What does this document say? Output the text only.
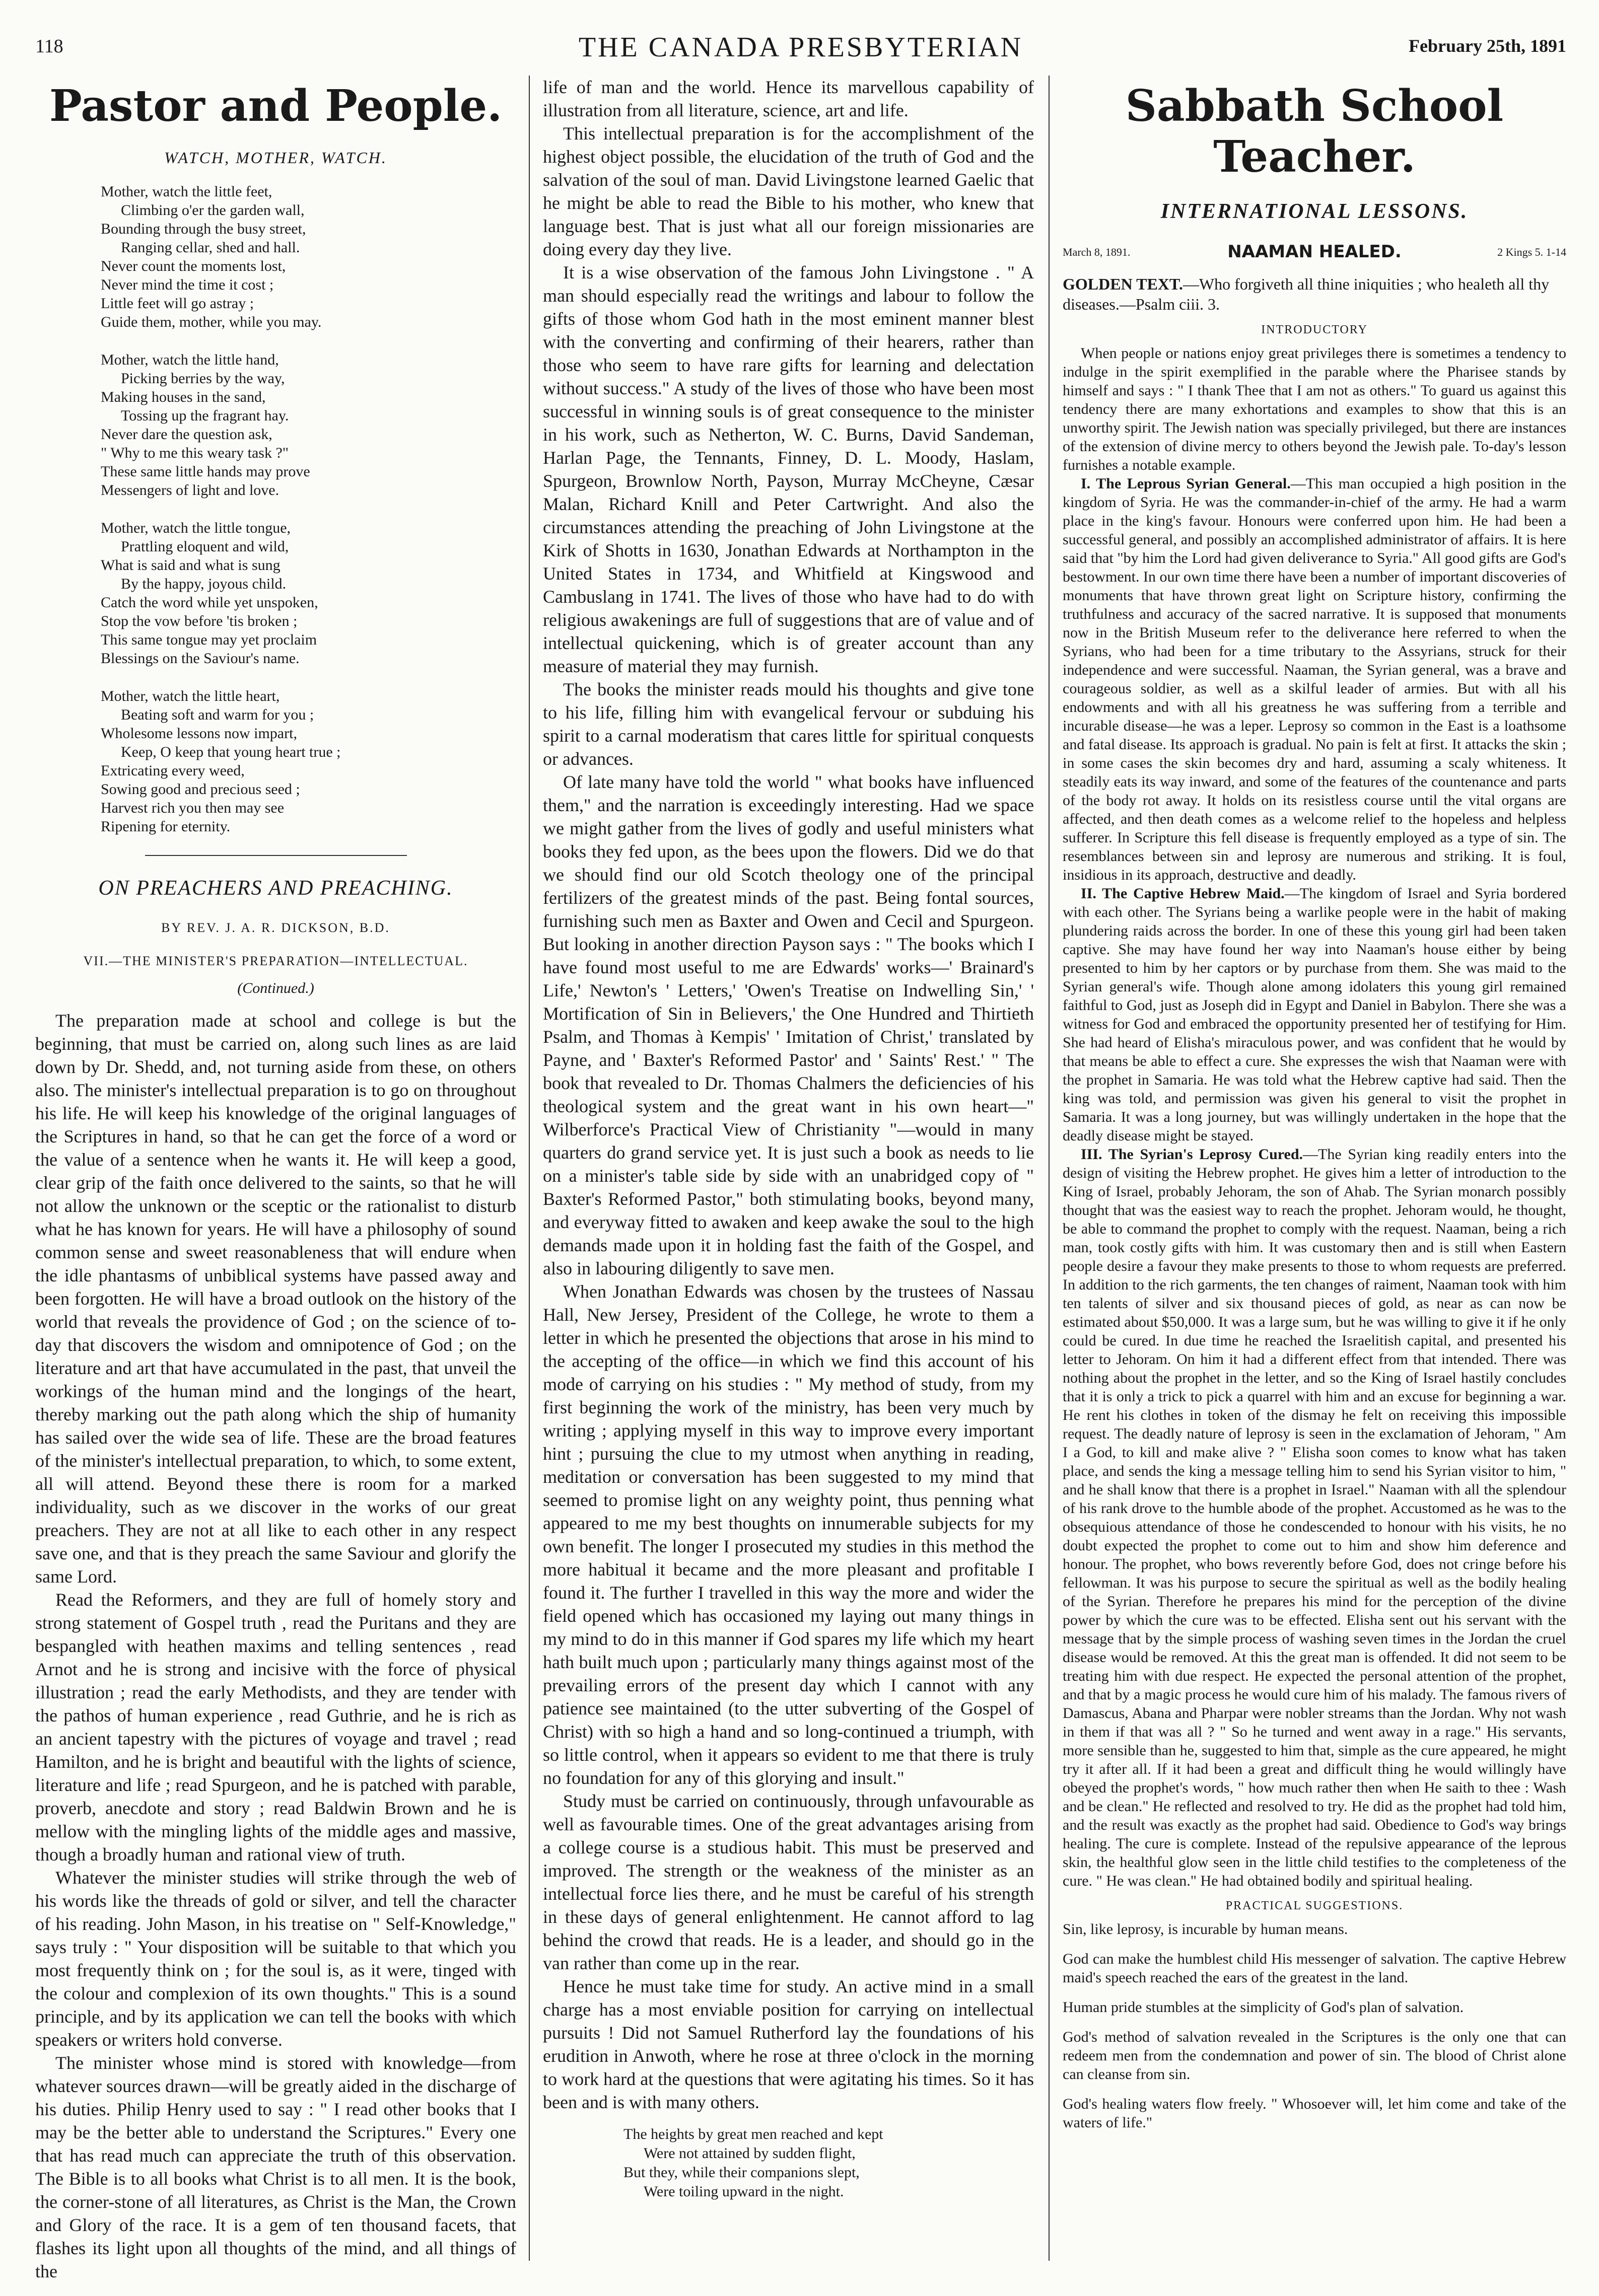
118	THE CANADA PRESBYTERIAN	February 25th, 1891
Pastor and People.
WATCH, MOTHER, WATCH.
Mother, watch the little feet,
Climbing o'er the garden wall,
Bounding through the busy street,
Ranging cellar, shed and hall.
Never count the moments lost,
Never mind the time it cost ;
Little feet will go astray ;
Guide them, mother, while you may.
Mother, watch the little hand,
Picking berries by the way,
Making houses in the sand,
Tossing up the fragrant hay.
Never dare the question ask,
" Why to me this weary task ?"
These same little hands may prove
Messengers of light and love.
Mother, watch the little tongue,
Prattling eloquent and wild,
What is said and what is sung
By the happy, joyous child.
Catch the word while yet unspoken,
Stop the vow before 'tis broken ;
This same tongue may yet proclaim
Blessings on the Saviour's name.
Mother, watch the little heart,
Beating soft and warm for you ;
Wholesome lessons now impart,
Keep, O keep that young heart true ;
Extricating every weed,
Sowing good and precious seed ;
Harvest rich you then may see
Ripening for eternity.
ON PREACHERS AND PREACHING.
BY REV. J. A. R. DICKSON, B.D.
VII.—THE MINISTER'S PREPARATION—INTELLECTUAL.
(Continued.)

The preparation made at school and college is but the beginning, that must be carried on, along such lines as are laid down by Dr. Shedd, and, not turning aside from these, on others also. The minister's intellectual preparation is to go on throughout his life. He will keep his knowledge of the original languages of the Scriptures in hand, so that he can get the force of a word or the value of a sentence when he wants it. He will keep a good, clear grip of the faith once delivered to the saints, so that he will not allow the unknown or the sceptic or the rationalist to disturb what he has known for years. He will have a philosophy of sound common sense and sweet reasonableness that will endure when the idle phantasms of unbiblical systems have passed away and been forgotten. He will have a broad outlook on the history of the world that reveals the providence of God ; on the science of to-day that discovers the wisdom and omnipotence of God ; on the literature and art that have accumulated in the past, that unveil the workings of the human mind and the longings of the heart, thereby marking out the path along which the ship of humanity has sailed over the wide sea of life. These are the broad features of the minister's intellectual preparation, to which, to some extent, all will attend. Beyond these there is room for a marked individuality, such as we discover in the works of our great preachers. They are not at all like to each other in any respect save one, and that is they preach the same Saviour and glorify the same Lord.

Read the Reformers, and they are full of homely story and strong statement of Gospel truth , read the Puritans and they are bespangled with heathen maxims and telling sentences , read Arnot and he is strong and incisive with the force of physical illustration ; read the early Methodists, and they are tender with the pathos of human experience , read Guthrie, and he is rich as an ancient tapestry with the pictures of voyage and travel ; read Hamilton, and he is bright and beautiful with the lights of science, literature and life ; read Spurgeon, and he is patched with parable, proverb, anecdote and story ; read Baldwin Brown and he is mellow with the mingling lights of the middle ages and massive, though a broadly human and rational view of truth.

Whatever the minister studies will strike through the web of his words like the threads of gold or silver, and tell the character of his reading. John Mason, in his treatise on " Self-Knowledge," says truly : " Your disposition will be suitable to that which you most frequently think on ; for the soul is, as it were, tinged with the colour and complexion of its own thoughts." This is a sound principle, and by its application we can tell the books with which speakers or writers hold converse.

The minister whose mind is stored with knowledge—from whatever sources drawn—will be greatly aided in the discharge of his duties. Philip Henry used to say : " I read other books that I may be the better able to understand the Scriptures." Every one that has read much can appreciate the truth of this observation. The Bible is to all books what Christ is to all men. It is the book, the corner-stone of all literatures, as Christ is the Man, the Crown and Glory of the race. It is a gem of ten thousand facets, that flashes its light upon all thoughts of the mind, and all things of the

life of man and the world. Hence its marvellous capability of illustration from all literature, science, art and life.

This intellectual preparation is for the accomplishment of the highest object possible, the elucidation of the truth of God and the salvation of the soul of man. David Livingstone learned Gaelic that he might be able to read the Bible to his mother, who knew that language best. That is just what all our foreign missionaries are doing every day they live.

It is a wise observation of the famous John Livingstone . " A man should especially read the writings and labour to follow the gifts of those whom God hath in the most eminent manner blest with the converting and confirming of their hearers, rather than those who seem to have rare gifts for learning and delectation without success." A study of the lives of those who have been most successful in winning souls is of great consequence to the minister in his work, such as Netherton, W. C. Burns, David Sandeman, Harlan Page, the Tennants, Finney, D. L. Moody, Haslam, Spurgeon, Brownlow North, Payson, Murray McCheyne, Cæsar Malan, Richard Knill and Peter Cartwright. And also the circumstances attending the preaching of John Livingstone at the Kirk of Shotts in 1630, Jonathan Edwards at Northampton in the United States in 1734, and Whitfield at Kingswood and Cambuslang in 1741. The lives of those who have had to do with religious awakenings are full of suggestions that are of value and of intellectual quickening, which is of greater account than any measure of material they may furnish.

The books the minister reads mould his thoughts and give tone to his life, filling him with evangelical fervour or subduing his spirit to a carnal moderatism that cares little for spiritual conquests or advances.

Of late many have told the world " what books have influenced them," and the narration is exceedingly interesting. Had we space we might gather from the lives of godly and useful ministers what books they fed upon, as the bees upon the flowers. Did we do that we should find our old Scotch theology one of the principal fertilizers of the greatest minds of the past. Being fontal sources, furnishing such men as Baxter and Owen and Cecil and Spurgeon. But looking in another direction Payson says : " The books which I have found most useful to me are Edwards' works—' Brainard's Life,' Newton's ' Letters,' 'Owen's Treatise on Indwelling Sin,' ' Mortification of Sin in Believers,' the One Hundred and Thirtieth Psalm, and Thomas à Kempis' ' Imitation of Christ,' translated by Payne, and ' Baxter's Reformed Pastor' and ' Saints' Rest.' " The book that revealed to Dr. Thomas Chalmers the deficiencies of his theological system and the great want in his own heart—" Wilberforce's Practical View of Christianity "—would in many quarters do grand service yet. It is just such a book as needs to lie on a minister's table side by side with an unabridged copy of " Baxter's Reformed Pastor," both stimulating books, beyond many, and everyway fitted to awaken and keep awake the soul to the high demands made upon it in holding fast the faith of the Gospel, and also in labouring diligently to save men.

When Jonathan Edwards was chosen by the trustees of Nassau Hall, New Jersey, President of the College, he wrote to them a letter in which he presented the objections that arose in his mind to the accepting of the office—in which we find this account of his mode of carrying on his studies : " My method of study, from my first beginning the work of the ministry, has been very much by writing ; applying myself in this way to improve every important hint ; pursuing the clue to my utmost when anything in reading, meditation or conversation has been suggested to my mind that seemed to promise light on any weighty point, thus penning what appeared to me my best thoughts on innumerable subjects for my own benefit. The longer I prosecuted my studies in this method the more habitual it became and the more pleasant and profitable I found it. The further I travelled in this way the more and wider the field opened which has occasioned my laying out many things in my mind to do in this manner if God spares my life which my heart hath built much upon ; particularly many things against most of the prevailing errors of the present day which I cannot with any patience see maintained (to the utter subverting of the Gospel of Christ) with so high a hand and so long-continued a triumph, with so little control, when it appears so evident to me that there is truly no foundation for any of this glorying and insult."

Study must be carried on continuously, through unfavourable as well as favourable times. One of the great advantages arising from a college course is a studious habit. This must be preserved and improved. The strength or the weakness of the minister as an intellectual force lies there, and he must be careful of his strength in these days of general enlightenment. He cannot afford to lag behind the crowd that reads. He is a leader, and should go in the van rather than come up in the rear.

Hence he must take time for study. An active mind in a small charge has a most enviable position for carrying on intellectual pursuits ! Did not Samuel Rutherford lay the foundations of his erudition in Anwoth, where he rose at three o'clock in the morning to work hard at the questions that were agitating his times. So it has been and is with many others.

The heights by great men reached and kept
Were not attained by sudden flight,
But they, while their companions slept,
Were toiling upward in the night.
Sabbath School Teacher.
INTERNATIONAL LESSONS.
March 8, 1891.	NAAMAN HEALED.	2 Kings 5. 1-14
GOLDEN TEXT.—Who forgiveth all thine iniquities ; who healeth all thy diseases.—Psalm ciii. 3.
INTRODUCTORY

When people or nations enjoy great privileges there is sometimes a tendency to indulge in the spirit exemplified in the parable where the Pharisee stands by himself and says : " I thank Thee that I am not as others." To guard us against this tendency there are many exhortations and examples to show that this is an unworthy spirit. The Jewish nation was specially privileged, but there are instances of the extension of divine mercy to others beyond the Jewish pale. To-day's lesson furnishes a notable example.

I. The Leprous Syrian General.—This man occupied a high position in the kingdom of Syria. He was the commander-in-chief of the army. He had a warm place in the king's favour. Honours were conferred upon him. He had been a successful general, and possibly an accomplished administrator of affairs. It is here said that "by him the Lord had given deliverance to Syria." All good gifts are God's bestowment. In our own time there have been a number of important discoveries of monuments that have thrown great light on Scripture history, confirming the truthfulness and accuracy of the sacred narrative. It is supposed that monuments now in the British Museum refer to the deliverance here referred to when the Syrians, who had been for a time tributary to the Assyrians, struck for their independence and were successful. Naaman, the Syrian general, was a brave and courageous soldier, as well as a skilful leader of armies. But with all his endowments and with all his greatness he was suffering from a terrible and incurable disease—he was a leper. Leprosy so common in the East is a loathsome and fatal disease. Its approach is gradual. No pain is felt at first. It attacks the skin ; in some cases the skin becomes dry and hard, assuming a scaly whiteness. It steadily eats its way inward, and some of the features of the countenance and parts of the body rot away. It holds on its resistless course until the vital organs are affected, and then death comes as a welcome relief to the hopeless and helpless sufferer. In Scripture this fell disease is frequently employed as a type of sin. The resemblances between sin and leprosy are numerous and striking. It is foul, insidious in its approach, destructive and deadly.

II. The Captive Hebrew Maid.—The kingdom of Israel and Syria bordered with each other. The Syrians being a warlike people were in the habit of making plundering raids across the border. In one of these this young girl had been taken captive. She may have found her way into Naaman's house either by being presented to him by her captors or by purchase from them. She was maid to the Syrian general's wife. Though alone among idolaters this young girl remained faithful to God, just as Joseph did in Egypt and Daniel in Babylon. There she was a witness for God and embraced the opportunity presented her of testifying for Him. She had heard of Elisha's miraculous power, and was confident that he would by that means be able to effect a cure. She expresses the wish that Naaman were with the prophet in Samaria. He was told what the Hebrew captive had said. Then the king was told, and permission was given his general to visit the prophet in Samaria. It was a long journey, but was willingly undertaken in the hope that the deadly disease might be stayed.

III. The Syrian's Leprosy Cured.—The Syrian king readily enters into the design of visiting the Hebrew prophet. He gives him a letter of introduction to the King of Israel, probably Jehoram, the son of Ahab. The Syrian monarch possibly thought that was the easiest way to reach the prophet. Jehoram would, he thought, be able to command the prophet to comply with the request. Naaman, being a rich man, took costly gifts with him. It was customary then and is still when Eastern people desire a favour they make presents to those to whom requests are preferred. In addition to the rich garments, the ten changes of raiment, Naaman took with him ten talents of silver and six thousand pieces of gold, as near as can now be estimated about $50,000. It was a large sum, but he was willing to give it if he only could be cured. In due time he reached the Israelitish capital, and presented his letter to Jehoram. On him it had a different effect from that intended. There was nothing about the prophet in the letter, and so the King of Israel hastily concludes that it is only a trick to pick a quarrel with him and an excuse for beginning a war. He rent his clothes in token of the dismay he felt on receiving this impossible request. The deadly nature of leprosy is seen in the exclamation of Jehoram, " Am I a God, to kill and make alive ? " Elisha soon comes to know what has taken place, and sends the king a message telling him to send his Syrian visitor to him, " and he shall know that there is a prophet in Israel." Naaman with all the splendour of his rank drove to the humble abode of the prophet. Accustomed as he was to the obsequious attendance of those he condescended to honour with his visits, he no doubt expected the prophet to come out to him and show him deference and honour. The prophet, who bows reverently before God, does not cringe before his fellowman. It was his purpose to secure the spiritual as well as the bodily healing of the Syrian. Therefore he prepares his mind for the perception of the divine power by which the cure was to be effected. Elisha sent out his servant with the message that by the simple process of washing seven times in the Jordan the cruel disease would be removed. At this the great man is offended. It did not seem to be treating him with due respect. He expected the personal attention of the prophet, and that by a magic process he would cure him of his malady. The famous rivers of Damascus, Abana and Pharpar were nobler streams than the Jordan. Why not wash in them if that was all ? " So he turned and went away in a rage." His servants, more sensible than he, suggested to him that, simple as the cure appeared, he might try it after all. If it had been a great and difficult thing he would willingly have obeyed the prophet's words, " how much rather then when He saith to thee : Wash and be clean." He reflected and resolved to try. He did as the prophet had told him, and the result was exactly as the prophet had said. Obedience to God's way brings healing. The cure is complete. Instead of the repulsive appearance of the leprous skin, the healthful glow seen in the little child testifies to the completeness of the cure. " He was clean." He had obtained bodily and spiritual healing.

PRACTICAL SUGGESTIONS.

Sin, like leprosy, is incurable by human means.

God can make the humblest child His messenger of salvation. The captive Hebrew maid's speech reached the ears of the greatest in the land.

Human pride stumbles at the simplicity of God's plan of salvation.

God's method of salvation revealed in the Scriptures is the only one that can redeem men from the condemnation and power of sin. The blood of Christ alone can cleanse from sin.

God's healing waters flow freely. " Whosoever will, let him come and take of the waters of life."
